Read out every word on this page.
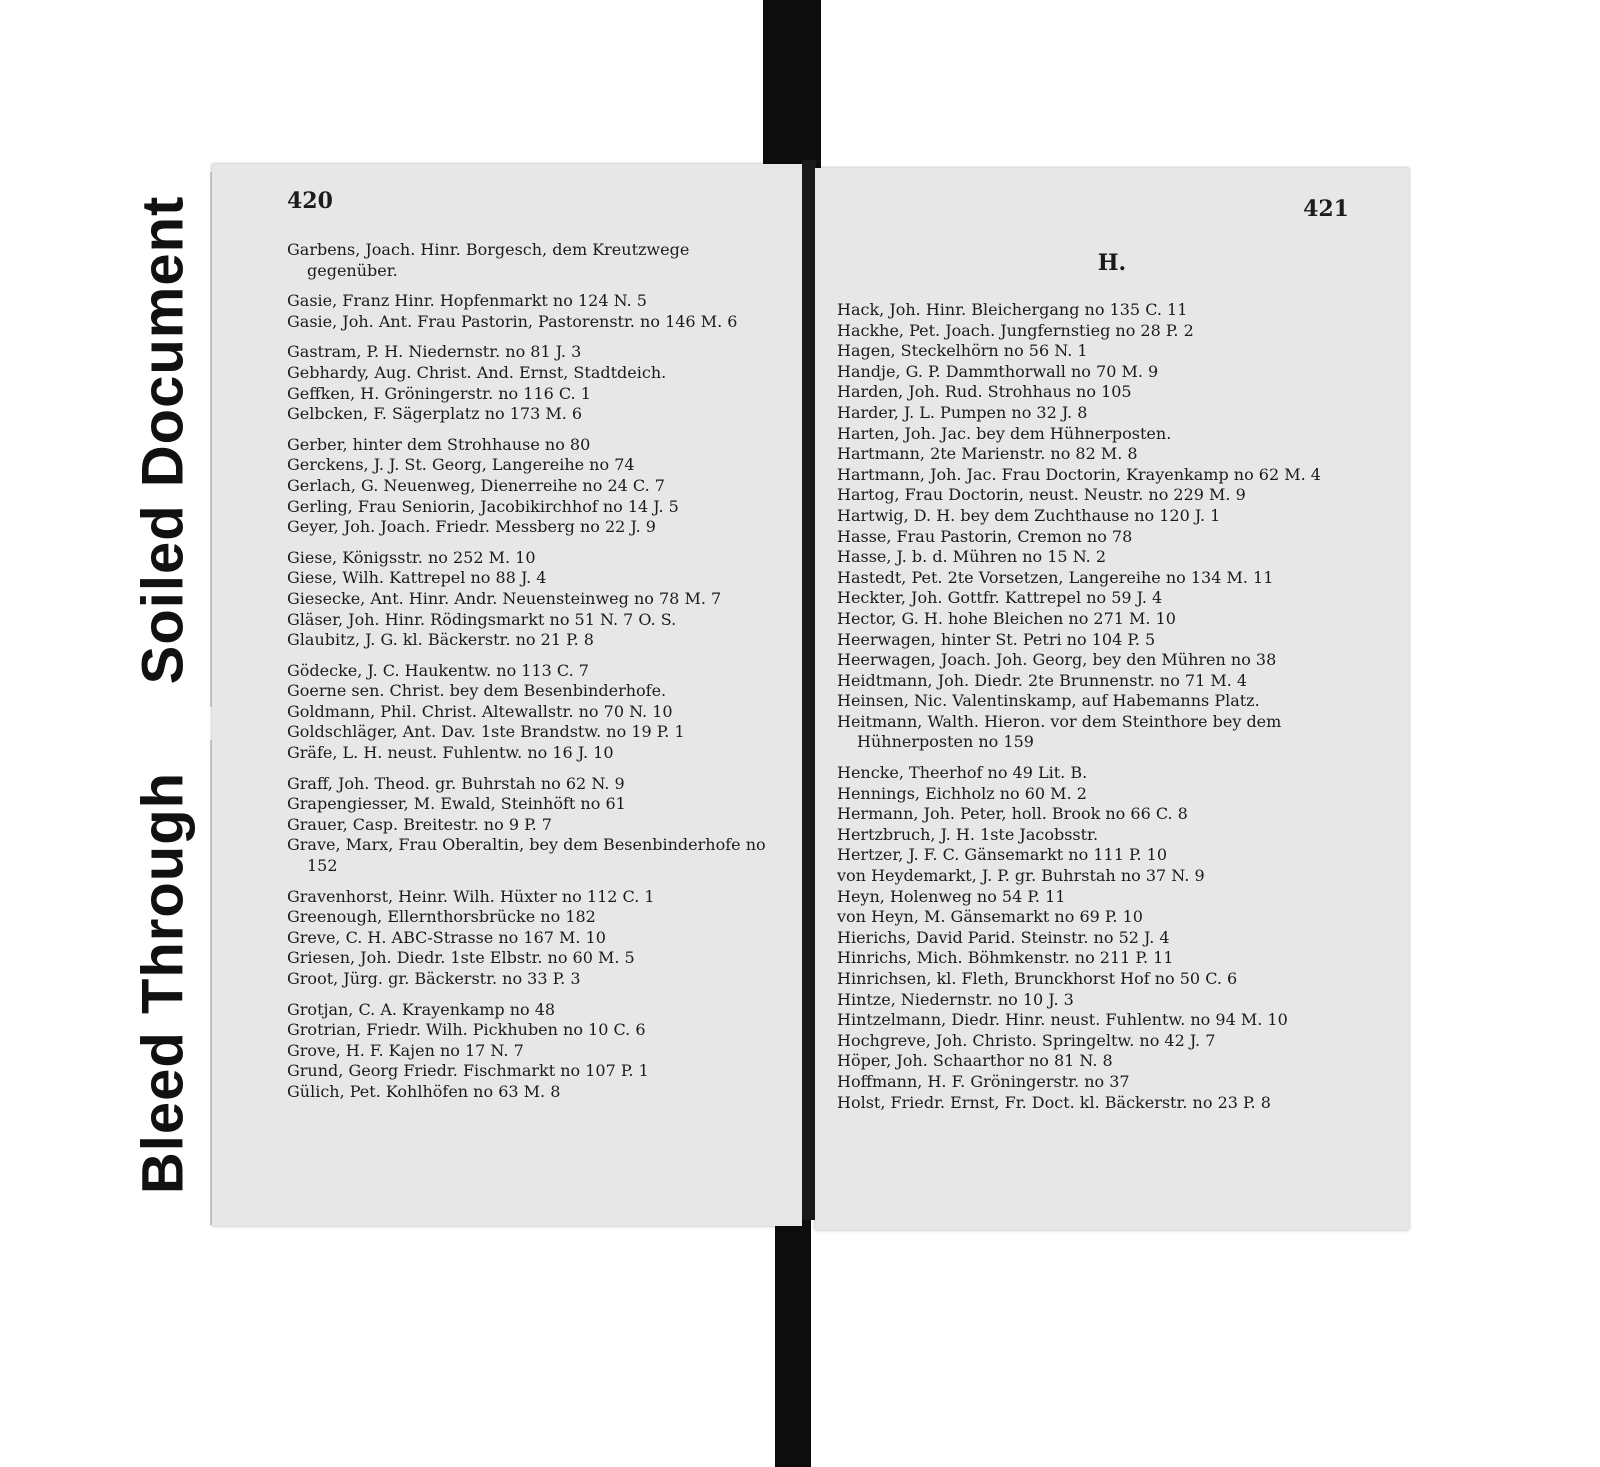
Soiled Document
Bleed Through
420
Garbens, Joach. Hinr. Borgesch, dem Kreutzwege gegenüber.
Gasie, Franz Hinr. Hopfenmarkt no 124 N. 5
Gasie, Joh. Ant. Frau Pastorin, Pastorenstr. no 146 M. 6
Gastram, P. H. Niedernstr. no 81 J. 3
Gebhardy, Aug. Christ. And. Ernst, Stadtdeich.
Geffken, H. Gröningerstr. no 116 C. 1
Gelbcken, F. Sägerplatz no 173 M. 6
Gerber, hinter dem Strohhause no 80
Gerckens, J. J. St. Georg, Langereihe no 74
Gerlach, G. Neuenweg, Dienerreihe no 24 C. 7
Gerling, Frau Seniorin, Jacobikirchhof no 14 J. 5
Geyer, Joh. Joach. Friedr. Messberg no 22 J. 9
Giese, Königsstr. no 252 M. 10
Giese, Wilh. Kattrepel no 88 J. 4
Giesecke, Ant. Hinr. Andr. Neuensteinweg no 78 M. 7
Gläser, Joh. Hinr. Rödingsmarkt no 51 N. 7 O. S.
Glaubitz, J. G. kl. Bäckerstr. no 21 P. 8
Gödecke, J. C. Haukentw. no 113 C. 7
Goerne sen. Christ. bey dem Besenbinderhofe.
Goldmann, Phil. Christ. Altewallstr. no 70 N. 10
Goldschläger, Ant. Dav. 1ste Brandstw. no 19 P. 1
Gräfe, L. H. neust. Fuhlentw. no 16 J. 10
Graff, Joh. Theod. gr. Buhrstah no 62 N. 9
Grapengiesser, M. Ewald, Steinhöft no 61
Grauer, Casp. Breitestr. no 9 P. 7
Grave, Marx, Frau Oberaltin, bey dem Besenbinderhofe no 152
Gravenhorst, Heinr. Wilh. Hüxter no 112 C. 1
Greenough, Ellernthorsbrücke no 182
Greve, C. H. ABC-Strasse no 167 M. 10
Griesen, Joh. Diedr. 1ste Elbstr. no 60 M. 5
Groot, Jürg. gr. Bäckerstr. no 33 P. 3
Grotjan, C. A. Krayenkamp no 48
Grotrian, Friedr. Wilh. Pickhuben no 10 C. 6
Grove, H. F. Kajen no 17 N. 7
Grund, Georg Friedr. Fischmarkt no 107 P. 1
Gülich, Pet. Kohlhöfen no 63 M. 8
421
H.
Hack, Joh. Hinr. Bleichergang no 135 C. 11
Hackhe, Pet. Joach. Jungfernstieg no 28 P. 2
Hagen, Steckelhörn no 56 N. 1
Handje, G. P. Dammthorwall no 70 M. 9
Harden, Joh. Rud. Strohhaus no 105
Harder, J. L. Pumpen no 32 J. 8
Harten, Joh. Jac. bey dem Hühnerposten.
Hartmann, 2te Marienstr. no 82 M. 8
Hartmann, Joh. Jac. Frau Doctorin, Krayenkamp no 62 M. 4
Hartog, Frau Doctorin, neust. Neustr. no 229 M. 9
Hartwig, D. H. bey dem Zuchthause no 120 J. 1
Hasse, Frau Pastorin, Cremon no 78
Hasse, J. b. d. Mühren no 15 N. 2
Hastedt, Pet. 2te Vorsetzen, Langereihe no 134 M. 11
Heckter, Joh. Gottfr. Kattrepel no 59 J. 4
Hector, G. H. hohe Bleichen no 271 M. 10
Heerwagen, hinter St. Petri no 104 P. 5
Heerwagen, Joach. Joh. Georg, bey den Mühren no 38
Heidtmann, Joh. Diedr. 2te Brunnenstr. no 71 M. 4
Heinsen, Nic. Valentinskamp, auf Habemanns Platz.
Heitmann, Walth. Hieron. vor dem Steinthore bey dem Hühnerposten no 159
Hencke, Theerhof no 49 Lit. B.
Hennings, Eichholz no 60 M. 2
Hermann, Joh. Peter, holl. Brook no 66 C. 8
Hertzbruch, J. H. 1ste Jacobsstr.
Hertzer, J. F. C. Gänsemarkt no 111 P. 10
von Heydemarkt, J. P. gr. Buhrstah no 37 N. 9
Heyn, Holenweg no 54 P. 11
von Heyn, M. Gänsemarkt no 69 P. 10
Hierichs, David Parid. Steinstr. no 52 J. 4
Hinrichs, Mich. Böhmkenstr. no 211 P. 11
Hinrichsen, kl. Fleth, Brunckhorst Hof no 50 C. 6
Hintze, Niedernstr. no 10 J. 3
Hintzelmann, Diedr. Hinr. neust. Fuhlentw. no 94 M. 10
Hochgreve, Joh. Christo. Springeltw. no 42 J. 7
Höper, Joh. Schaarthor no 81 N. 8
Hoffmann, H. F. Gröningerstr. no 37
Holst, Friedr. Ernst, Fr. Doct. kl. Bäckerstr. no 23 P. 8
